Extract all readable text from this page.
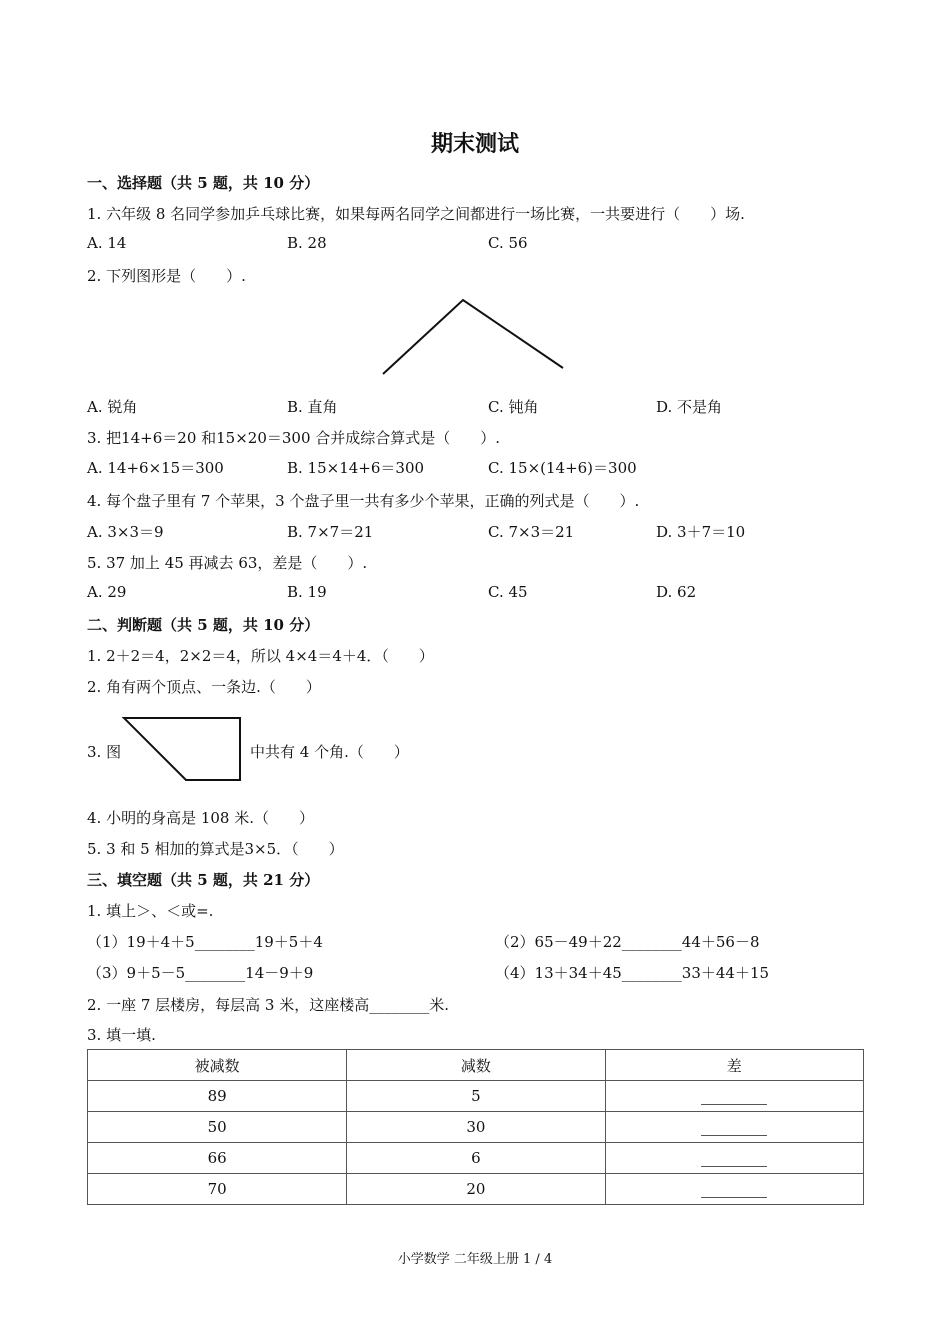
期末测试
一、选择题（共 5 题，共 10 分）
1. 六年级 8 名同学参加乒乓球比赛，如果每两名同学之间都进行一场比赛，一共要进行（　　）场.
A. 14	B. 28	C. 56
2. 下列图形是（　　）.
A. 锐角	B. 直角	C. 钝角	D. 不是角
3. 把14+6＝20 和15×20＝300 合并成综合算式是（　　）.
A. 14+6×15＝300	B. 15×14+6＝300	C. 15×(14+6)＝300
4. 每个盘子里有 7 个苹果，3 个盘子里一共有多少个苹果，正确的列式是（　　）.
A. 3×3＝9	B. 7×7＝21	C. 7×3＝21	D. 3＋7＝10
5. 37 加上 45 再减去 63，差是（　　）.
A. 29	B. 19	C. 45	D. 62
二、判断题（共 5 题，共 10 分）
1. 2＋2＝4，2×2＝4，所以 4×4＝4＋4．（　　）
2. 角有两个顶点、一条边.（　　）
3. 图	中共有 4 个角.（　　）
4. 小明的身高是 108 米.（　　）
5. 3 和 5 相加的算式是3×5．（　　）
三、填空题（共 5 题，共 21 分）
1. 填上＞、＜或=.
（1）19＋4＋5________19＋5＋4	（2）65－49＋22________44＋56－8
（3）9＋5－5________14－9＋9	（4）13＋34＋45________33＋44＋15
2. 一座 7 层楼房，每层高 3 米，这座楼高________米.
3. 填一填.
被减数	减数	差
89	5	
50	30	
66	6	
70	20	
小学数学 二年级上册 1 / 4
